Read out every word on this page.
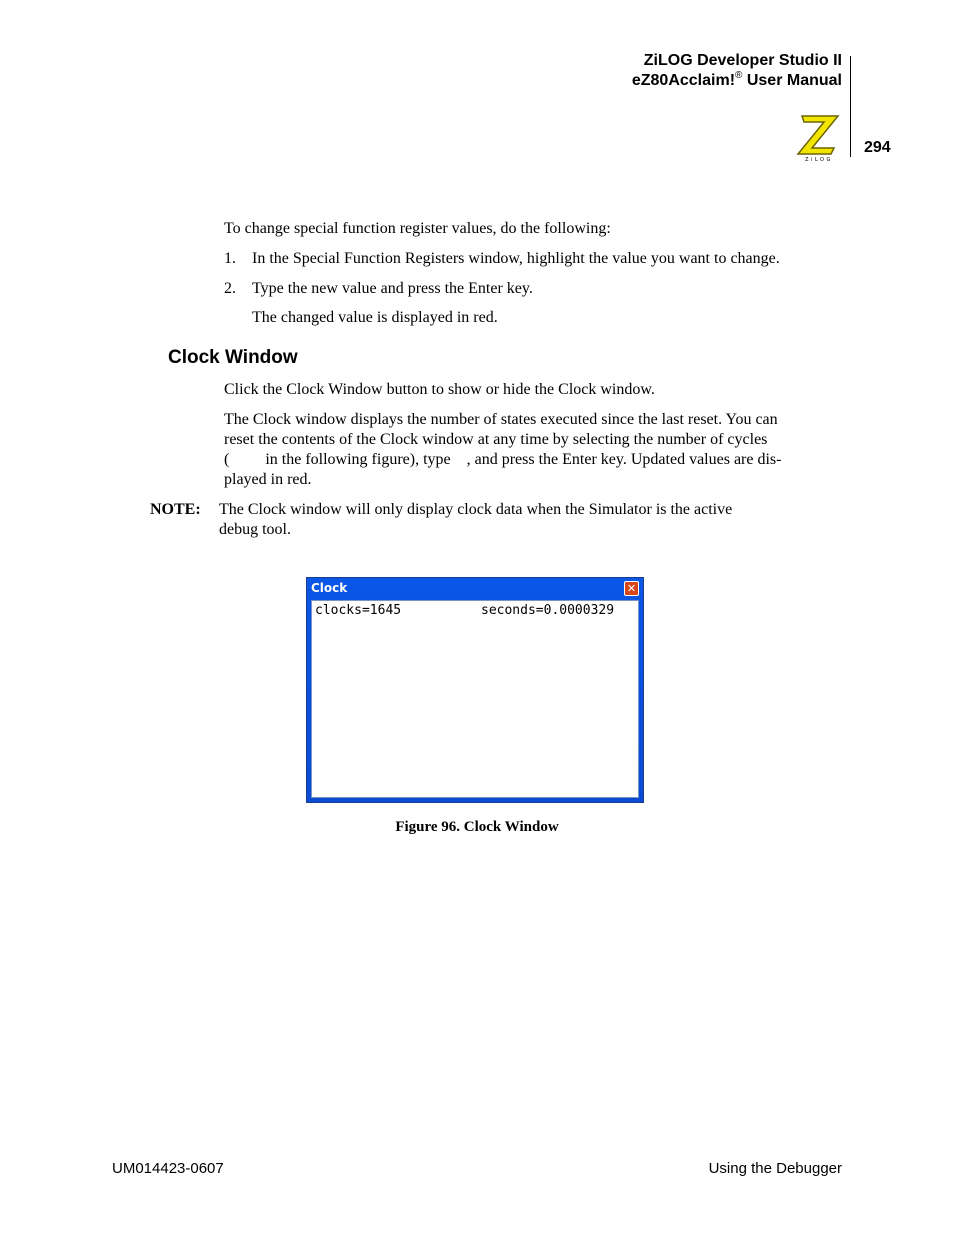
ZiLOG Developer Studio II
eZ80Acclaim!® User Manual
ZiLOG
294
To change special function register values, do the following:
1. In the Special Function Registers window, highlight the value you want to change.
2. Type the new value and press the Enter key.
The changed value is displayed in red.
Clock Window
Click the Clock Window button to show or hide the Clock window.
The Clock window displays the number of states executed since the last reset. You can
reset the contents of the Clock window at any time by selecting the number of cycles
(         in the following figure), type    , and press the Enter key. Updated values are dis-
played in red.
NOTE: The Clock window will only display clock data when the Simulator is the active
debug tool.
Clock	✕
clocks=1645	seconds=0.0000329
Figure 96. Clock Window
UM014423-0607	Using the Debugger
